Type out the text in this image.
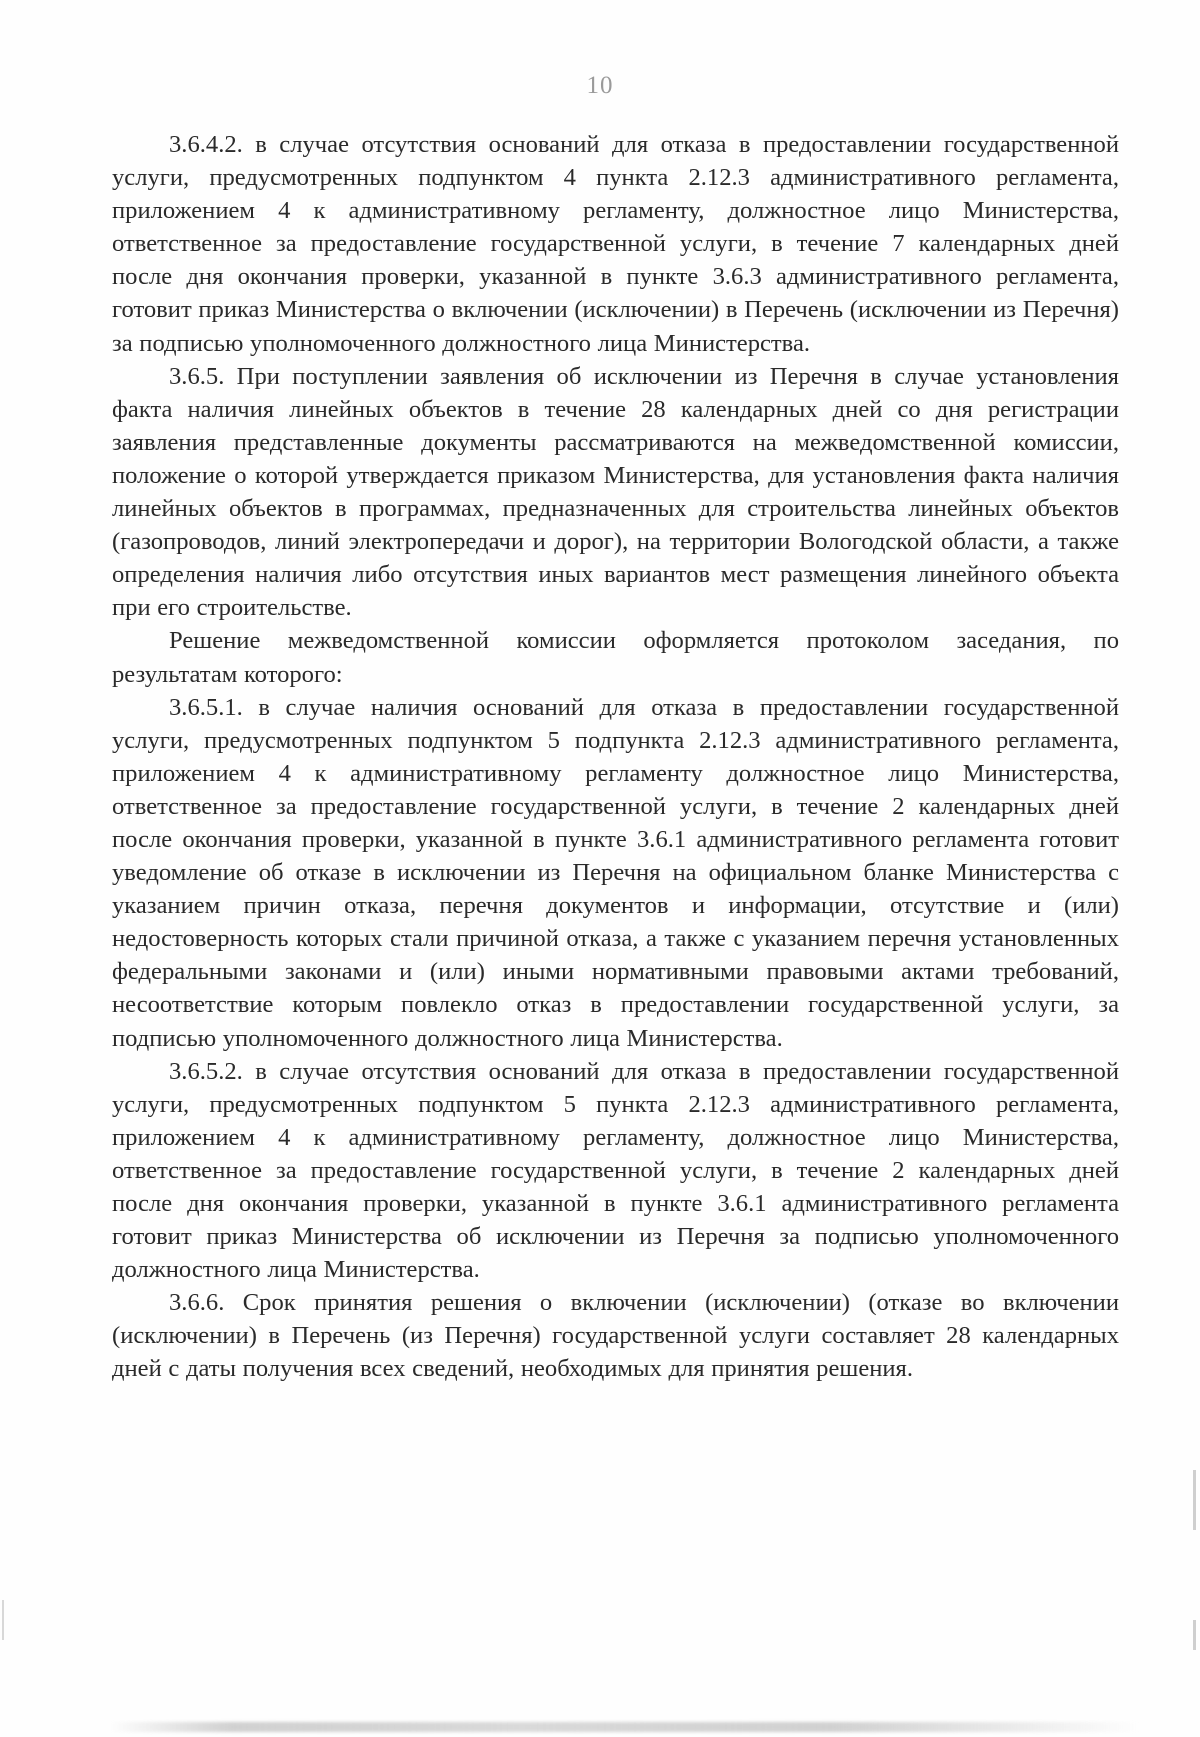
10

3.6.4.2. в случае отсутствия оснований для отказа в предоставлении государственной услуги, предусмотренных подпунктом 4 пункта 2.12.3 административного регламента, приложением 4 к административному регламенту, должностное лицо Министерства, ответственное за предоставление государственной услуги, в течение 7 календарных дней после дня окончания проверки, указанной в пункте 3.6.3 административного регламента, готовит приказ Министерства о включении (исключении) в Перечень (исключении из Перечня) за подписью уполномоченного должностного лица Министерства.

3.6.5. При поступлении заявления об исключении из Перечня в случае установления факта наличия линейных объектов в течение 28 календарных дней со дня регистрации заявления представленные документы рассматриваются на межведомственной комиссии, положение о которой утверждается приказом Министерства, для установления факта наличия линейных объектов в программах, предназначенных для строительства линейных объектов (газопроводов, линий электропередачи и дорог), на территории Вологодской области, а также определения наличия либо отсутствия иных вариантов мест размещения линейного объекта при его строительстве.

Решение межведомственной комиссии оформляется протоколом заседания, по результатам которого:

3.6.5.1. в случае наличия оснований для отказа в предоставлении государственной услуги, предусмотренных подпунктом 5 подпункта 2.12.3 административного регламента, приложением 4 к административному регламенту должностное лицо Министерства, ответственное за предоставление государственной услуги, в течение 2 календарных дней после окончания проверки, указанной в пункте 3.6.1 административного регламента готовит уведомление об отказе в исключении из Перечня на официальном бланке Министерства с указанием причин отказа, перечня документов и информации, отсутствие и (или) недостоверность которых стали причиной отказа, а также с указанием перечня установленных федеральными законами и (или) иными нормативными правовыми актами требований, несоответствие которым повлекло отказ в предоставлении государственной услуги, за подписью уполномоченного должностного лица Министерства.

3.6.5.2. в случае отсутствия оснований для отказа в предоставлении государственной услуги, предусмотренных подпунктом 5 пункта 2.12.3 административного регламента, приложением 4 к административному регламенту, должностное лицо Министерства, ответственное за предоставление государственной услуги, в течение 2 календарных дней после дня окончания проверки, указанной в пункте 3.6.1 административного регламента готовит приказ Министерства об исключении из Перечня за подписью уполномоченного должностного лица Министерства.

3.6.6. Срок принятия решения о включении (исключении) (отказе во включении (исключении) в Перечень (из Перечня) государственной услуги составляет 28 календарных дней с даты получения всех сведений, необходимых для принятия решения.
